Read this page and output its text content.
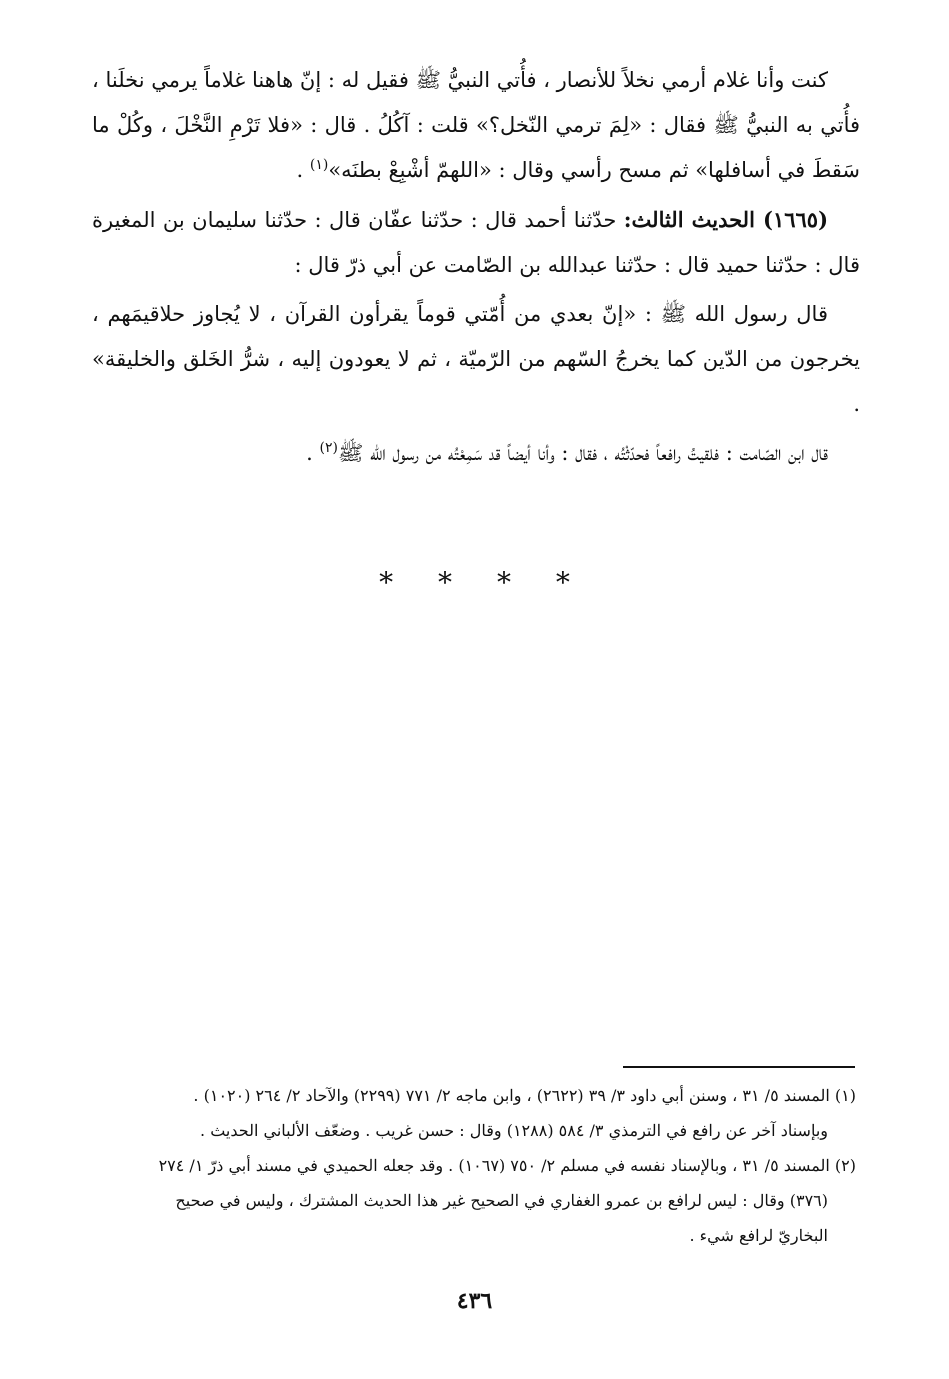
كنت وأنا غلام أرمي نخلاً للأنصار ، فأُتي النبيُّ ﷺ فقيل له : إنّ هاهنا غلاماً يرمي نخلَنا ، فأُتي به النبيُّ ﷺ فقال : «لِمَ ترمي النّخل؟» قلت : آكُلُ . قال : «فلا تَرْمِ النَّخْلَ ، وكُلْ ما سَقطَ في أسافلها» ثم مسح رأسي وقال : «اللهمّ أشْبِعْ بطنَه»$^{(١)}$ .

(١٦٦٥) الحديث الثالث: حدّثنا أحمد قال : حدّثنا عفّان قال : حدّثنا سليمان بن المغيرة قال : حدّثنا حميد قال : حدّثنا عبدالله بن الصّامت عن أبي ذرّ قال :

قال رسول الله ﷺ : «إنّ بعدي من أُمّتي قوماً يقرأون القرآن ، لا يُجاوز حلاقيمَهم ، يخرجون من الدّين كما يخرجُ السّهم من الرّميّة ، ثم لا يعودون إليه ، شرُّ الخَلق والخليقة» .

قال ابن الصّامت : فلقيتُ رافعاً فحدّثْتُه ، فقال : وأنا أيضاً قد سَمِعْتُه من رسول الله ﷺ$^{(٢)}$ .

* * * *

(١) المسند ٥/ ٣١ ، وسنن أبي داود ٣/ ٣٩ (٢٦٢٢) ، وابن ماجه ٢/ ٧٧١ (٢٢٩٩) والآحاد ٢/ ٢٦٤ (١٠٢٠) .

وبإسناد آخر عن رافع في الترمذي ٣/ ٥٨٤ (١٢٨٨) وقال : حسن غريب . وضعّف الألباني الحديث .

(٢) المسند ٥/ ٣١ ، وبالإسناد نفسه في مسلم ٢/ ٧٥٠ (١٠٦٧) . وقد جعله الحميدي في مسند أبي ذرّ ١/ ٢٧٤

(٣٧٦) وقال : ليس لرافع بن عمرو الغفاري في الصحيح غير هذا الحديث المشترك ، وليس في صحيح

البخاريّ لرافع شيء .

٤٣٦
